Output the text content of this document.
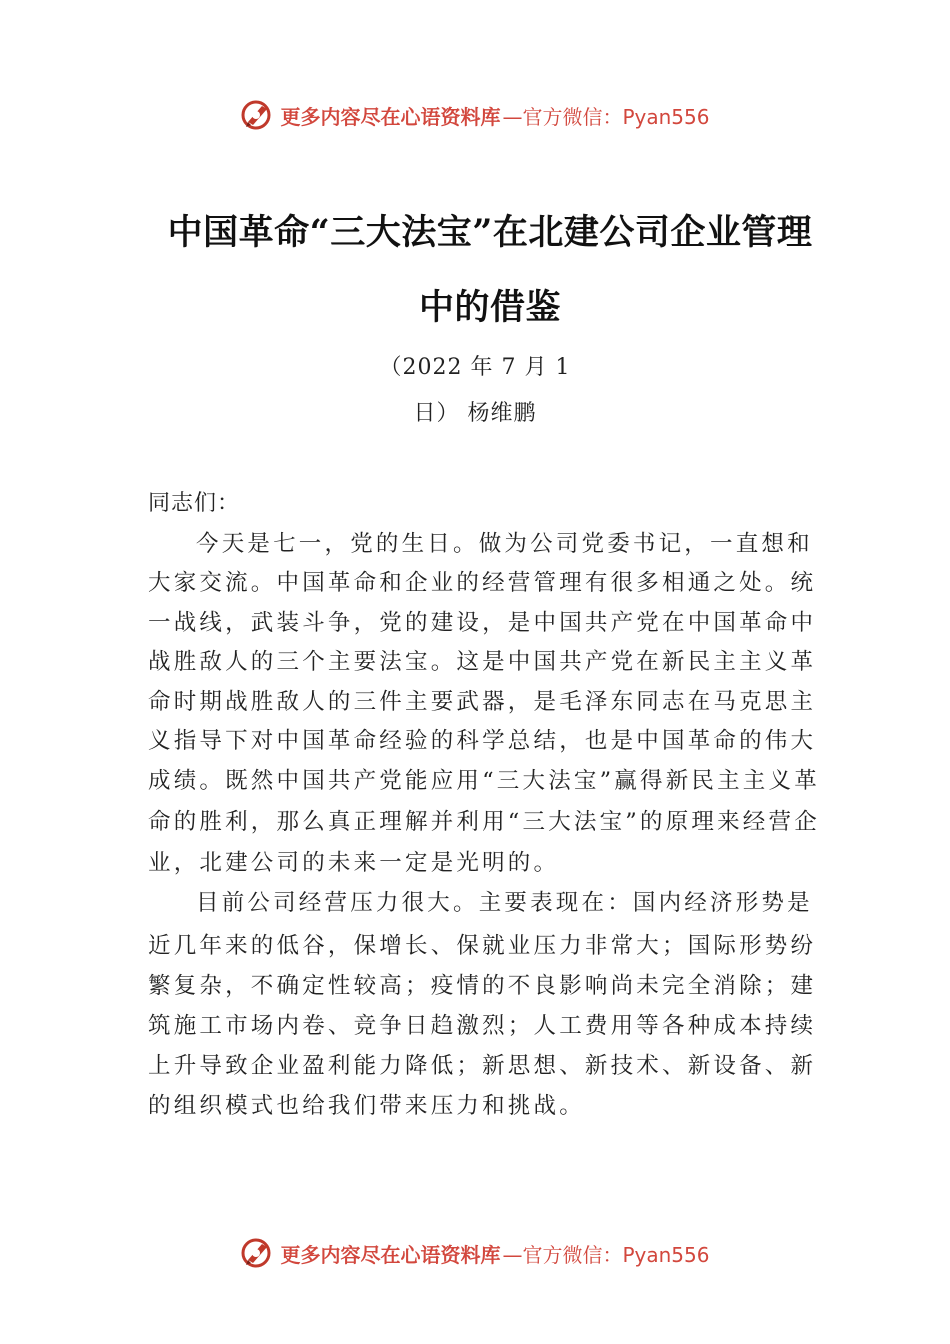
更多内容尽在心语资料库 —官方微信：Pyan556
中国革命“三大法宝”在北建公司企业管理
中的借鉴
（2022 年 7 月 1
日） 杨维鹏
同志们：
今天是七一，党的生日。做为公司党委书记，一直想和
大家交流。中国革命和企业的经营管理有很多相通之处。统
一战线，武装斗争，党的建设，是中国共产党在中国革命中
战胜敌人的三个主要法宝。这是中国共产党在新民主主义革
命时期战胜敌人的三件主要武器，是毛泽东同志在马克思主
义指导下对中国革命经验的科学总结，也是中国革命的伟大
成绩。既然中国共产党能应用“三大法宝”赢得新民主主义革
命的胜利，那么真正理解并利用“三大法宝”的原理来经营企
业，北建公司的未来一定是光明的。
目前公司经营压力很大。主要表现在：国内经济形势是
近几年来的低谷，保增长、保就业压力非常大；国际形势纷
繁复杂，不确定性较高；疫情的不良影响尚未完全消除；建
筑施工市场内卷、竞争日趋激烈；人工费用等各种成本持续
上升导致企业盈利能力降低；新思想、新技术、新设备、新
的组织模式也给我们带来压力和挑战。
更多内容尽在心语资料库 —官方微信：Pyan556
